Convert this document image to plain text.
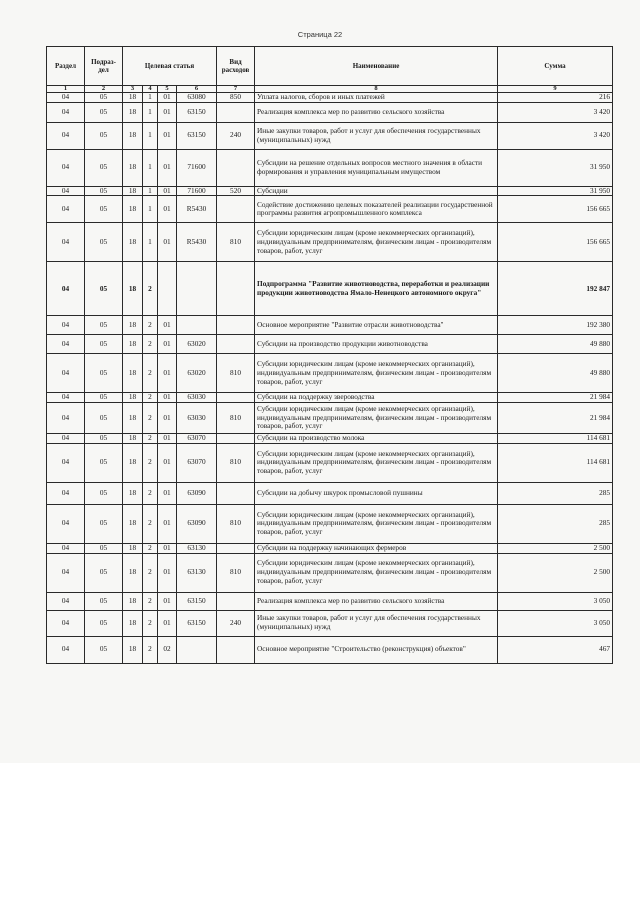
Страница 22
Раздел	Подраз-дел	Целевая статья				Вид расходов	Наименование	Сумма
1	2	3	4	5	6	7	8	9
04	05	18	1	01	63080	850	Уплата налогов, сборов и иных платежей	216
04	05	18	1	01	63150		Реализация комплекса мер по развитию сельского хозяйства	3 420
04	05	18	1	01	63150	240	Иные закупки товаров, работ и услуг для обеспечения государственных (муниципальных) нужд	3 420
04	05	18	1	01	71600		Субсидии на решение отдельных вопросов местного значения в области формирования и управления муниципальным имуществом	31 950
04	05	18	1	01	71600	520	Субсидии	31 950
04	05	18	1	01	R5430		Содействие достижению целевых показателей реализации государственной программы развития агропромышленного комплекса	156 665
04	05	18	1	01	R5430	810	Субсидии юридическим лицам (кроме некоммерческих организаций), индивидуальным предпринимателям, физическим лицам - производителям товаров, работ, услуг	156 665
04	05	18	2				Подпрограмма "Развитие животноводства, переработки и реализации продукции животноводства Ямало-Ненецкого автономного округа"	192 847
04	05	18	2	01			Основное мероприятие "Развитие отрасли животноводства"	192 380
04	05	18	2	01	63020		Субсидии на производство продукции животноводства	49 880
04	05	18	2	01	63020	810	Субсидии юридическим лицам (кроме некоммерческих организаций), индивидуальным предпринимателям, физическим лицам - производителям товаров, работ, услуг	49 880
04	05	18	2	01	63030		Субсидии на поддержку звероводства	21 984
04	05	18	2	01	63030	810	Субсидии юридическим лицам (кроме некоммерческих организаций), индивидуальным предпринимателям, физическим лицам - производителям товаров, работ, услуг	21 984
04	05	18	2	01	63070		Субсидии на производство молока	114 681
04	05	18	2	01	63070	810	Субсидии юридическим лицам (кроме некоммерческих организаций), индивидуальным предпринимателям, физическим лицам - производителям товаров, работ, услуг	114 681
04	05	18	2	01	63090		Субсидии на добычу шкурок промысловой пушнины	285
04	05	18	2	01	63090	810	Субсидии юридическим лицам (кроме некоммерческих организаций), индивидуальным предпринимателям, физическим лицам - производителям товаров, работ, услуг	285
04	05	18	2	01	63130		Субсидии на поддержку начинающих фермеров	2 500
04	05	18	2	01	63130	810	Субсидии юридическим лицам (кроме некоммерческих организаций), индивидуальным предпринимателям, физическим лицам - производителям товаров, работ, услуг	2 500
04	05	18	2	01	63150		Реализация комплекса мер по развитию сельского хозяйства	3 050
04	05	18	2	01	63150	240	Иные закупки товаров, работ и услуг для обеспечения государственных (муниципальных) нужд	3 050
04	05	18	2	02			Основное мероприятие "Строительство (реконструкция) объектов"	467
